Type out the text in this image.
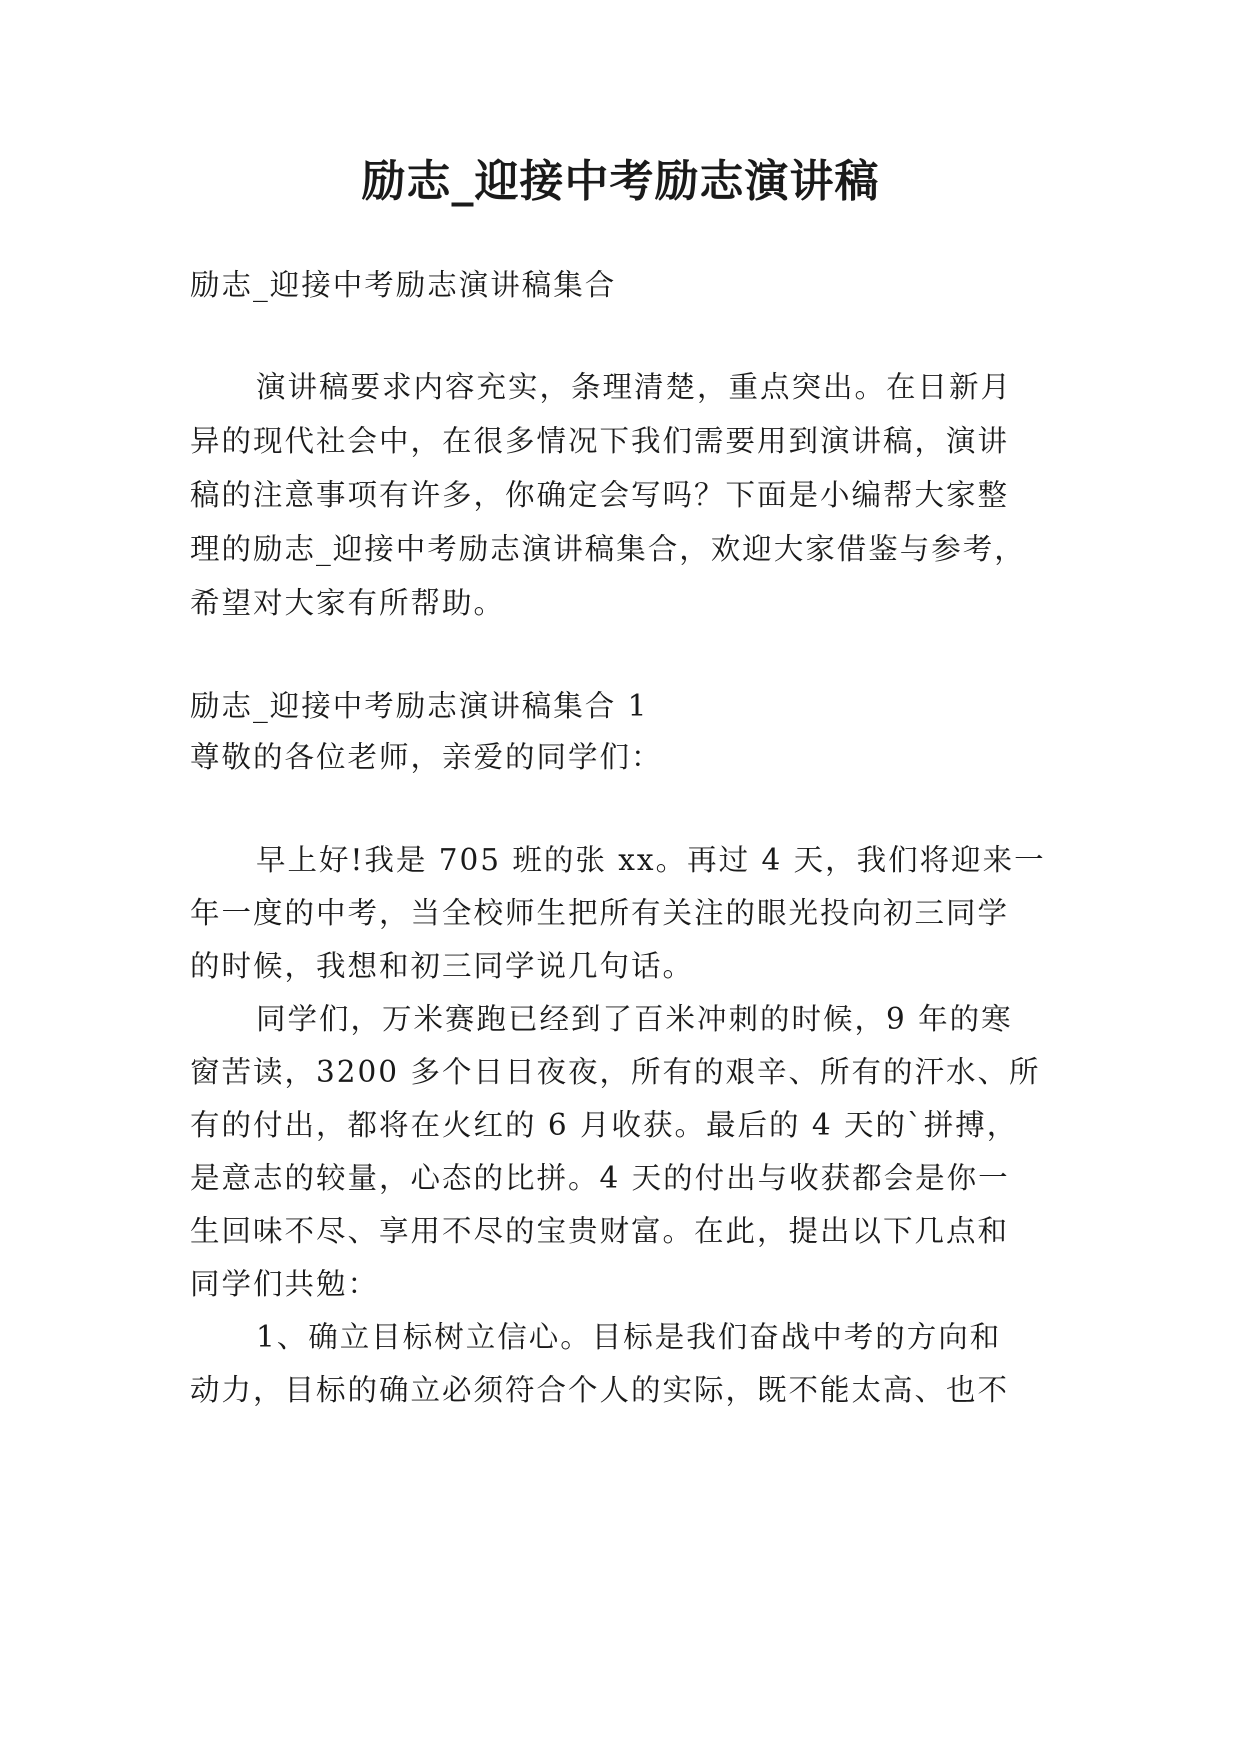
励志_迎接中考励志演讲稿

励志_迎接中考励志演讲稿集合

演讲稿要求内容充实，条理清楚，重点突出。在日新月

异的现代社会中，在很多情况下我们需要用到演讲稿，演讲

稿的注意事项有许多，你确定会写吗？下面是小编帮大家整

理的励志_迎接中考励志演讲稿集合，欢迎大家借鉴与参考，

希望对大家有所帮助。

励志_迎接中考励志演讲稿集合 1

尊敬的各位老师，亲爱的同学们：

早上好!我是 705 班的张 xx。再过 4 天，我们将迎来一

年一度的中考，当全校师生把所有关注的眼光投向初三同学

的时候，我想和初三同学说几句话。

同学们，万米赛跑已经到了百米冲刺的时候，9 年的寒

窗苦读，3200 多个日日夜夜，所有的艰辛、所有的汗水、所

有的付出，都将在火红的 6 月收获。最后的 4 天的`拼搏，

是意志的较量，心态的比拼。4 天的付出与收获都会是你一

生回味不尽、享用不尽的宝贵财富。在此，提出以下几点和

同学们共勉：

1、确立目标树立信心。目标是我们奋战中考的方向和

动力，目标的确立必须符合个人的实际，既不能太高、也不
